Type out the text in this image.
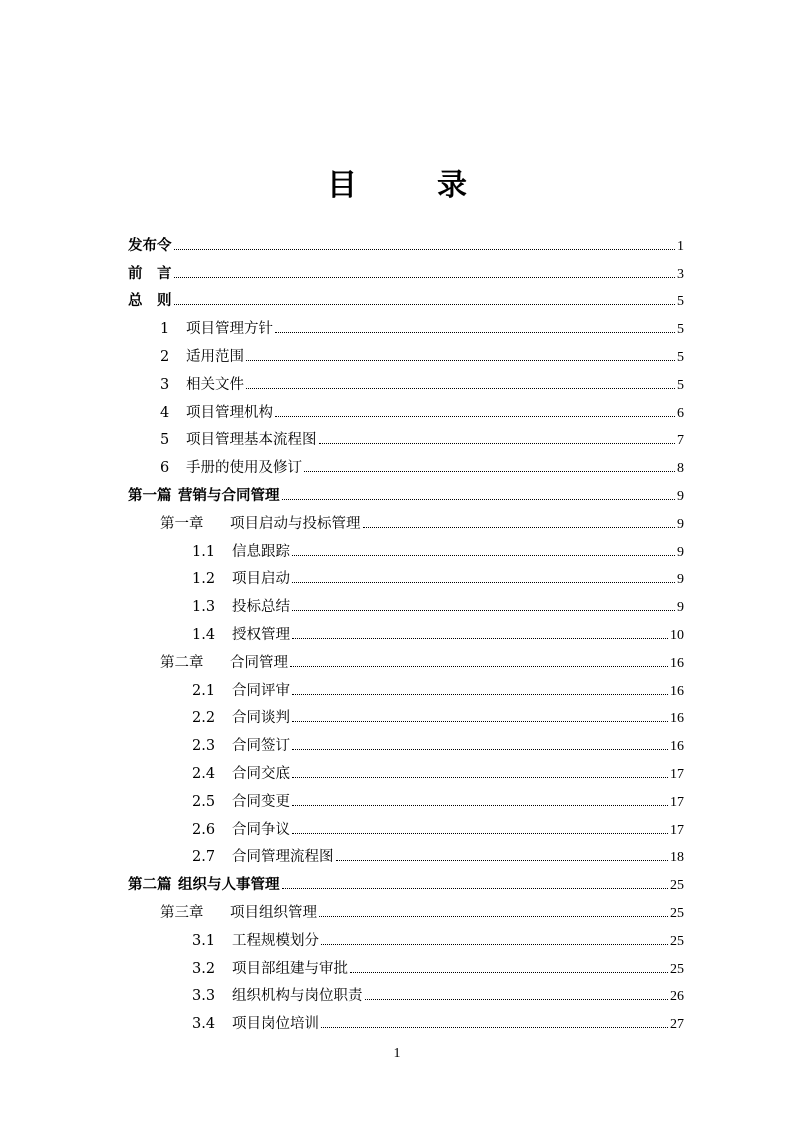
目	录
发布令	1
前　言	3
总　则	5
1 项目管理方针	5
2 适用范围	5
3 相关文件	5
4 项目管理机构	6
5 项目管理基本流程图	7
6 手册的使用及修订	8
第一篇 营销与合同管理	9
第一章 项目启动与投标管理	9
1.1 信息跟踪	9
1.2 项目启动	9
1.3 投标总结	9
1.4 授权管理	10
第二章 合同管理	16
2.1 合同评审	16
2.2 合同谈判	16
2.3 合同签订	16
2.4 合同交底	17
2.5 合同变更	17
2.6 合同争议	17
2.7 合同管理流程图	18
第二篇 组织与人事管理	25
第三章 项目组织管理	25
3.1 工程规模划分	25
3.2 项目部组建与审批	25
3.3 组织机构与岗位职责	26
3.4 项目岗位培训	27
1
